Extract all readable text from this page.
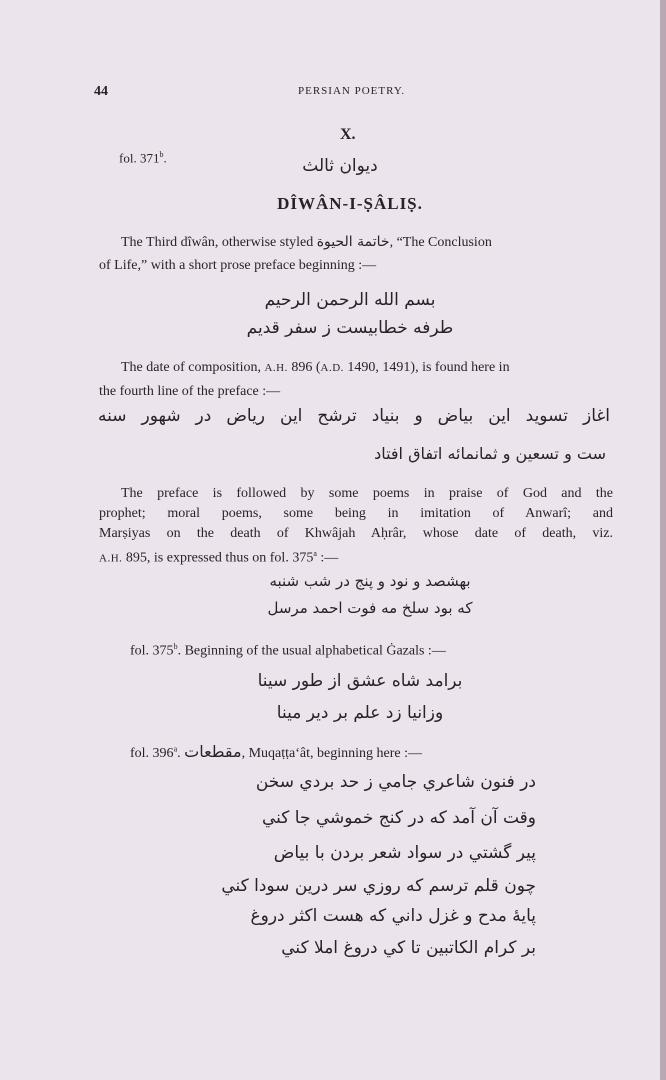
44	PERSIAN POETRY.
X.
fol. 371$^b$.	ديوان ثالث
DÎWÂN-I-ṢÂLIṢ.
The Third dîwân, otherwise styled خاتمة الحيوة, “The Conclusion
of Life,” with a short prose preface beginning :—
بسم الله الرحمن الرحيم
طرفه خطابيست ز سفر قديم
The date of composition, A.H. 896 (A.D. 1490, 1491), is found here in
the fourth line of the preface :—
اغاز تسويد اين بياض و بنياد ترشح اين رياض در شهور سنه
ست و تسعين و ثمانمائه اتفاق افتاد
The preface is followed by some poems in praise of God and the
prophet; moral poems, some being in imitation of Anwarî; and
Marṣiyas on the death of Khwâjah Aḥrâr, whose date of death, viz.
A.H. 895, is expressed thus on fol. 375$^a$ :—
بهشصد و نود و پنج در شب شنبه
كه بود سلخ مه فوت احمد مرسل
fol. 375$^b$. Beginning of the usual alphabetical Ġazals :—
برامد شاه عشق از طور سينا
وزانيا زد علم بر دير مينا
fol. 396$^a$. مقطعات, Muqaṭṭaʻât, beginning here :—
در فنون شاعري جامي ز حد بردي سخن
وقت آن آمد كه در كنج خموشي جا كني
پير گشتي در سواد شعر بردن با بياض
چون قلم ترسم كه روزي سر درين سودا كني
پايهٔ مدح و غزل داني كه هست اكثر دروغ
بر كرام الكاتبين تا كي دروغ املا كني
